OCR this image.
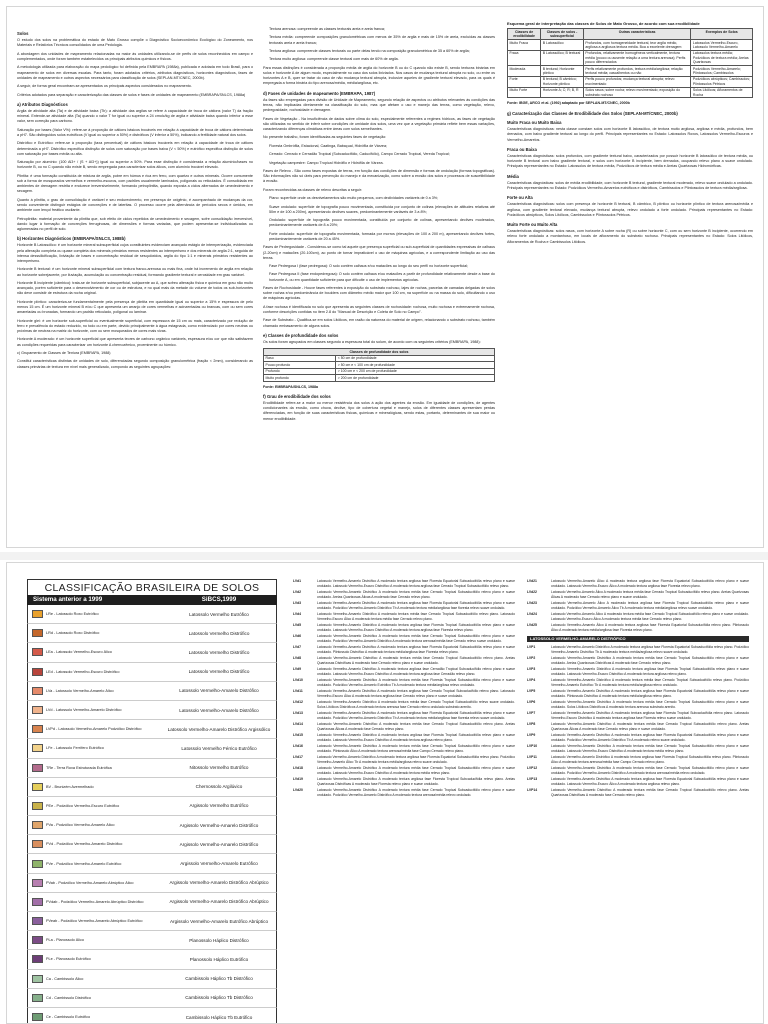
Solos

O estudo dos solos na problemática do estado de Mato Grosso compõe o Diagnóstico Socioeconômico Ecológico do Zoneamento, nos Materiais e Relatórios Técnicos consolidados de uma Pedologia.

A abordagem dos unidades de mapeamento relacionadas na maior às unidades utilizando-se de perfis de solos reconhecidos em campo e complementados, onde foram também estabelecidos os principais atributos químicos e físicos.

A metodologia utilizada para elaboração do mapa pedológico foi definida pela EMBRAPA (1988a), publicada e adotada em todo Brasil, para o mapeamento de solos em diversas escalas. Para tanto, foram adotados critérios, atributos diagnósticos, horizontes diagnósticos, fases de unidades de mapeamento e outros aspectos necessários para classificação de solos (SEPLAN-MT/CNEC, 2000b).

A seguir, de forma geral encontram-se apresentados os principais aspectos considerados no mapeamento.

Critérios adotados para separação e caracterização das classes de solos e fases de unidades de mapeamento (EMBRAPA/SNLCS, 1988a)

a) Atributos Diagnósticos

Argila de atividade alta (Ta) e de atividade baixa (Tb): a atividade das argilas se refere à capacidade de troca de cátions (valor T) da fração mineral. Entende-se atividade alta (Ta) quando o valor T for igual ou superior a 24 cmolc/kg de argila e atividade baixa quando inferior a esse valor, sem correção para carbono.

Saturação por bases (Valor V%): refere-se à proporção de cátions básicos trocáveis em relação à capacidade de troca de cátions determinada a pH7. São distinguidos solos eutróficos (V igual ou superior a 50%) e distróficos (V inferior a 50%), indicando a fertilidade natural dos solos.

Distrófico e Eutrófico: refere-se à proporção (taxa percentual) de cátions básicos trocáveis em relação à capacidade de troca de cátions determinada a pH7. Distrófico especifica distinção de solos com saturação por bases baixa (V < 50%) e eutrófico especifica distinção de solos com saturação por bases média ou alta.

Saturação por alumínio: (100 Al3+ / (S + Al3+)) igual ou superior a 50%. Para esse distinção é considerada a relação alumínio/bases no horizonte B, ou no C quando não existe B, sendo empregada para caracterizar solos álicos, com alumínio trocável elevado.

Plintita: é uma formação constituída de mistura de argila, pobre em húmus e rica em ferro, com quartzo e outros minerais. Ocorre comumente sob a forma de mosqueados vermelhos e vermelho-escuros, com padrões usualmente laminados, poligonais ou reticulados. É consolidada em ambientes de drenagem restrita e endurece irreversivelmente, formando petroplintita, quando exposta a ciclos alternados de umedecimento e secagem.

Quanto à plintita, o grau de consolidação é variável e seu endurecimento, em presença de oxigênio, é acompanhado de mudanças da cor, sendo conveniente distinguir estágios de concreções e de lateritas. O processo ocorre pela alternância de períodos secos e úmidos, em ambiente com lençol freático oscilante.

Petroplintita: material proveniente da plintita que, sob efeito de ciclos repetidos de umedecimento e secagem, sofre consolidação irreversível, dando lugar à formação de concreções ferruginosas, de dimensões e formas variadas, que podem apresentar-se individualizadas ou aglomeradas no perfil de solo.

b) Horizontes Diagnósticos (EMBRAPA/SNLCS, 1988b)

Horizonte B Latossólico: é um horizonte mineral subsuperficial cujos constituintes evidenciam avançado estágio de intemperização, evidenciada pela alteração completa ou quase completa dos minerais primários menos resistentes ao intemperismo e dos minerais de argila 2:1, seguida de intensa desssilicificação, lixiviação de bases e concentração residual de sesquióxidos, argila do tipo 1:1 e minerais primários resistentes ao intemperismo.

Horizonte B textural: é um horizonte mineral subsuperficial com textura franco-arenosa ou mais fina, onde há incremento de argila em relação ao horizonte sobrejacente, por iluviação, acumulação ou concentração residual, formando gradiente textural e cerosidade em grau variável.

Horizonte B incipiente (câmbico): trata-se de horizonte subsuperficial, subjacente ao A, que sofreu alteração física e química em grau não muito avançado, porém suficiente para o desenvolvimento de cor ou de estrutura, e no qual mais da metade do volume de todos os sub-horizontes não deve consistir de estrutura da rocha original.

Horizonte plíntico: caracteriza-se fundamentalmente pela presença de plintita em quantidade igual ou superior a 15% e espessura de pelo menos 15 cm. É um horizonte mineral B e/ou C que apresenta um arranjo de cores vermelhas e acinzentadas ou brancas, com ou sem cores amareladas ou brunadas, formando um padrão reticulado, poligonal ou laminar.

Horizonte glei: é um horizonte sub-superficial ou eventualmente superficial, com espessura de 15 cm ou mais, caracterizado por redução de ferro e prevalência do estado reduzido, no todo ou em parte, devido principalmente à água estagnada, como evidenciado por cores neutras ou próximas de neutras na matriz do horizonte, com ou sem mosqueados de cores mais vivas.

Horizonte A moderado: é um horizonte superficial que apresenta teores de carbono orgânico variáveis, espessura e/ou cor que não satisfazem as condições requeridas para caracterizar um horizonte A chernozêmico, proeminente ou húmico.

c) Grupamento de Classes de Textura (EMBRAPA, 1988)

Constitui características distintas de unidades de solo, diferenciadas segundo composição granulométrica (fração < 2mm), considerando as classes primárias de textura em nível mais generalizado, compondo as seguintes agrupações:

Textura arenosa: compreende as classes texturais areia e areia franca;

Textura média: compreende composições granulométricas com menos de 35% de argila e mais de 15% de areia, excluídas as classes texturais areia e areia franca;

Textura argilosa: compreende classes texturais ou parte delas tendo na composição granulométrica de 35 a 60% de argila;

Textura muito argilosa: compreende classe textural com mais de 60% de argila.

Para essas distinções é considerada a proporção média de argila do horizonte B ou do C quando não existe B, sendo texturas binárias em solos e horizonte A de algum modo, especialmente no caso dos solos lixiviados. Nos casos de mudança textural abrupta no solo, ou entre os horizontes A e B, quer se tratar do caso de não mudança textural abrupta, inclusive aqueles de gradiente textural elevado, para os quais é empregada a forma binária do tipo arenosa/média, média/argilosa, etc.

d) Fases de unidades de mapeamento (EMBRAPA, 1987)

As fases são empregadas para divisão de Unidade de Mapeamento, segundo relação de aspectos ou atributos relevantes às condições das terras, não implicadas diretamente na classificação do solo, mas que afetam o uso e manejo das terras, como vegetação, relevo, pedregosidade, rochosidade e drenagem.

Fases de Vegetação - Na insuficiência de dados sobre clima do solo, especialmente referentes a regimes hídricos, as fases de vegetação são utilizadas no sentido de inferir sobre condições de umidade dos solos, uma vez que a vegetação primária reflete bem essas variações, caracterizando diferenças climáticas entre áreas com solos semelhantes.

No presente trabalho, foram identificadas as seguintes fases de vegetação:

Floresta Ombrófila, Estacional, Caatinga, Babaçual, Hidrófila de Várzea;

Cerrado: Cerrado e Cerradão Tropical (Subcaducifólio, Caducifólio), Campo Cerrado Tropical, Vereda Tropical;

Vegetação campestre: Campo Tropical Hidrófilo e Hidrófila de Várzea.

Fases de Relevo - São como fases expostas de terras, em função das condições de dimensão e formas de ondulação (formas topográficas). São informações não só úteis para prevenção do manejo e da mecanização, como sobre a erosão dos solos e processos de suscetibilidade à erosão.

Foram reconhecidas as classes de relevo descritas a seguir:

Plano: superfície onde os desnivelamentos são muito pequenos, com declividades variáveis de 0 a 3%;

Suave ondulado: superfície de topografia pouco movimentada, constituída por conjunto de colinas (elevações de altitudes relativas até 50m e de 100 a 200m), apresentando declives suaves, predominantemente variáveis de 3 a 8%;

Ondulado: superfície de topografia pouco movimentada, constituída por conjunto de colinas, apresentando declives moderados, predominantemente variáveis de 8 a 20%;

Forte ondulado: superfície de topografia movimentada, formada por morros (elevações de 100 a 200 m), apresentando declives fortes, predominantemente variáveis de 20 a 45%.

Fases de Pedregosidade - Considerou-se como tal aquele que presença superficial ou sub-superficial de quantidades expressivas de calhaus (2-20cm) e matacões (20-100cm), ao ponto de tornar impraticável o uso de máquinas agrícolas, e a correspondente limitação ao uso das terras.

Fase Pedregosa I (fase pedregosa): O solo contém calhaus e/ou matacões ao longo do seu perfil no horizonte superficial;

Fase Pedregosa II (fase endopedregosa): O solo contém calhaus e/ou matacões a partir de profundidade relativamente desde a base do horizonte A, ou em quantidade suficiente para que dificulte o uso de implementos agrícolas.

Fases de Rochosidade - Houve fases referentes à exposição do substrato rochoso, lajes de rochas, parcelas de camadas delgadas de solos sobre rochas e/ou predominância de boulders com diâmetro médio maior que 100 cm, na superfície ou na massa do solo, dificultando o uso de máquinas agrícolas.

A fase rochosa é identificada no solo que apresenta as seguintes classes de rochosidade: rochosa, muito rochosa e extremamente rochosa, conforme descrições contidas no item 2.8 do "Manual de Descrição e Coleta de Solo no Campo".

Fase de Substrato - Qualifica-se em solos Litólicos, em razão da natureza do material de origem, relacionando o substrato rochoso, também chamado embasamento de alguns solos.

e) Classes de profundidade dos solos

Os solos foram agrupados em classes segundo a espessura total do solum, de acordo com os seguintes critérios (EMBRAPA, 1988):

Classes de profundidade dos solos	
Raso	< 50 cm de profundidade
Pouco profundo	> 50 cm e < 100 cm de profundidade
Profundo	> 100 cm e < 200 cm de profundidade
Muito profundo	> 200 cm de profundidade
Fonte: EMBRAPA/SNLCS, 1988a
f) Grau de erodibilidade dos solos

Erodibilidade refere-se a maior ou menor resistência dos solos à ação dos agentes da erosão. Em igualdade de condições, de agentes condicionantes da erosão, como chuva, declive, tipo de cobertura vegetal e manejo, solos de diferentes classes apresentam perdas diferenciadas, em função de suas características físicas, químicas e mineralógicas, sendo estas, portanto, determinantes de sua maior ou menor erodibilidade.

Esquema geral de interpretação das classes de Solos de Mato Grosso, de acordo com sua erodibilidade
Classes de erodibilidade	Classes de solos - subsuperficial	Outras características	Exemplos de Solos
Muito Fraca	B Latossólico	Profundos, com homogeneidade textural, teor argila médio, argilosa a argilosos textura média. Boa a excelente drenagem	Latossolos Vermelho-Escuro, Latossolo Vermelho-Amarelo
Fraca	B Latossólico; B textural	Profundos, relativamente homogêneos verticalmente, textura média (pouco ou ausente relação a uma textura arenosa); Perfis pouco diferenciados	Latossolos textura média; Podzólicos de textura média; Areias Quartzosas
Moderada	B textural; Horizonte plíntico	Perfis relativamente profundos, textura média/argilosa; relação textural média; cascalhentos ou não	Podzólicos Vermelho-Amarelo; Plintossolos; Cambissolos
Forte	B textural; B câmbico; Horizonte plíntico	Perfis pouco profundos; mudança textural abrupta; relevo movimentado	Podzólicos abrúpticos; Cambissolos; Plintossolos Pétricos
Muito Forte	Horizonte A; C; R; B, R	Solos rasos; sobre rocha; relevo movimentado; exposição do substrato rochoso	Solos Litólicos; Afloramentos de Rocha
Fonte: IBGE, ARCO et al. (1992) adaptado por SEPLAN-MT/CNEC, 2000b
g) Caracterização das Classes de Erodibilidade dos Solos (SEPLAN-MT/CNEC, 2000b)
Muito Fraca ou Muito Baixa

Características diagnósticas: nesta classe constam solos com horizonte B latossólico, de textura muito argilosa, argilosa e média, profundos, bem drenados, com baixo gradiente textural ao longo do perfil. Principais representantes no Estado: Latossolos Roxos, Latossolos Vermelho-Escuros e Vermelho-Amarelos.

Fraca ou Baixa

Características diagnósticas: solos profundos, com gradiente textural baixo, caracterizados por possuir horizonte B latossólico de textura média, ou horizonte B textural com baixo gradiente textural, e solos com horizonte B incipiente, bem drenados, ocupando relevo plano a suave ondulado. Principais representantes no Estado: Latossolos de textura média, Podzólicos de textura média e Areias Quartzosas Hidromórficas.

Média

Características diagnósticas: solos de média erodibilidade, com horizonte B textural, gradiente textural moderado, relevo suave ondulado a ondulado. Principais representantes no Estado: Podzólicos Vermelho-Amarelos eutróficos e distróficos, Cambissolos e Plintossolos de textura média/argilosa.

Forte ou Alta

Características diagnósticas: solos com presença de horizonte B textural, B câmbico, B plíntico ou horizonte plíntico de textura arenosa/média e argilosa, com gradiente textural elevado, mudança textural abrupta, relevo ondulado a forte ondulado. Principais representantes no Estado: Podzólicos abrúpticos, Solos Litólicos, Cambissolos e Plintossolos Pétricos.

Muito Forte ou Muito Alta

Características diagnósticas: solos rasos, com horizonte A sobre rocha (R) ou sobre horizonte C, com ou sem horizonte B incipiente, ocorrendo em relevo forte ondulado a montanhoso, em locais de afloramento do substrato rochoso. Principais representantes no Estado: Solos Litólicos, Afloramentos de Rocha e Cambissolos Litólicos.

CLASSIFICAÇÃO BRASILEIRA DE SOLOS
Sistema anterior a 1999	SiBCS,1999
LRe - Latossolo Roxo Eutrófico	Latossolo Vermelho Eutrófico
LRd - Latossolo Roxo Distrófico	Latossolo Vermelho Distrófico
LEa - Latossolo Vermelho-Escuro Álico	Latossolo Vermelho Distrófico
LEd - Latossolo Vermelho-Escuro Distrófico	Latossolo Vermelho Distrófico
LVa - Latossolo Vermelho-Amarelo Álico	Latossolo Vermelho-Amarelo Distrófico
LVd - Latossolo Vermelho-Amarelo Distrófico	Latossolo Vermelho-Amarelo Distrófico
LVPd - Latossolo Vermelho-Amarelo Podzólico Distrófico	Latossolo Vermelho-Amarelo Distrófico Argissólico
LFe - Latossolo Ferrífero Eutrófico	Latossolo Vermelho Férrico Eutrófico
TRe - Terra Roxa Estruturada Eutrófica	Nitossolo Vermelho Eutrófico
BV - Brunizém Avermelhado	Chernossolo Argilúvico
PEe - Podzólico Vermelho-Escuro Eutrófico	Argissolo Vermelho Eutrófico
PVa - Podzólico Vermelho-Amarelo Álico	Argissolo Vermelho-Amarelo Distrófico
PVd - Podzólico Vermelho-Amarelo Distrófico	Argissolo Vermelho-Amarelo Distrófico
PVe - Podzólico Vermelho-Amarelo Eutrófico	Argissolo Vermelho-Amarelo Eutrófico
PVab - Podzólico Vermelho-Amarelo Abrúptico Álico	Argissolo Vermelho-Amarelo Distrófico Abrúptico
PVdab - Podzólico Vermelho-Amarelo Abrúptico Distrófico	Argissolo Vermelho-Amarelo Distrófico Abrúptico
PVeab - Podzólico Vermelho-Amarelo Abrúptico Eutrófico	Argissolo Vermelho-Amarelo Eutrófico Abrúptico
PLa - Planossolo Álico	Planossolo Háplico Distrófico
PLe - Planossolo Eutrófico	Planossolo Háplico Eutrófico
Ca - Cambissolo Álico	Cambissolo Háplico Tb Distrófico
Cd - Cambissolo Distrófico	Cambissolo Háplico Tb Distrófico
Ce - Cambissolo Eutrófico	Cambissolo Háplico Tb Eutrófico
LVd1	Latossolo Vermelho-Amarelo Distrófico A moderado textura argilosa fase Floresta Equatorial Subcaducifólia relevo plano e suave ondulado. Latossolo Vermelho-Escuro Distrófico A moderado textura argilosa fase Cerrado Tropical Subcaducifólio relevo plano.
LVd2	Latossolo Vermelho-Amarelo Distrófico A moderado textura média fase Cerrado Tropical Subcaducifólio relevo plano e suave ondulado. Areias Quartzosas Álicas A moderado fase Cerrado relevo plano.
LVd3	Latossolo Vermelho-Amarelo Distrófico A moderado textura argilosa fase Floresta Equatorial Subcaducifólia relevo plano e suave ondulado. Podzólico Vermelho-Amarelo Distrófico Tb A moderado textura média/argilosa fase floresta relevo suave ondulado.
LVd4	Latossolo Vermelho-Amarelo Distrófico A moderado textura média fase Cerrado Tropical Subcaducifólio relevo plano. Latossolo Vermelho-Escuro Álico A moderado textura média fase Cerrado relevo plano.
LVd5	Latossolo Vermelho-Amarelo Distrófico A moderado textura argilosa fase Floresta Tropical Subcaducifólia relevo plano e suave ondulado. Latossolo Vermelho-Escuro Distrófico A moderado textura argilosa fase Floresta relevo plano.
LVd6	Latossolo Vermelho-Amarelo Distrófico A moderado textura média fase Cerrado Tropical Subcaducifólio relevo plano e suave ondulado. Podzólico Vermelho-Amarelo Distrófico A moderado textura arenosa/média fase Cerrado relevo suave ondulado.
LVd7	Latossolo Vermelho-Amarelo Distrófico A moderado textura argilosa fase Floresta Equatorial Subcaducifólia relevo plano e suave ondulado. Plintossolo Distrófico A moderado textura média/argilosa fase Floresta relevo plano.
LVd8	Latossolo Vermelho-Amarelo Distrófico A moderado textura média fase Cerrado Tropical Subcaducifólio relevo plano. Areias Quartzosas Distróficas A moderado fase Cerrado relevo plano e suave ondulado.
LVd9	Latossolo Vermelho-Amarelo Distrófico A moderado textura argilosa fase Cerradão Tropical Subcaducifólio relevo plano e suave ondulado. Latossolo Vermelho-Escuro Distrófico A moderado textura argilosa fase Cerradão relevo plano.
LVd10	Latossolo Vermelho-Amarelo Distrófico A moderado textura média fase Floresta Tropical Subcaducifólia relevo plano e suave ondulado. Podzólico Vermelho-Amarelo Eutrófico Tb A moderado textura média/argilosa relevo ondulado.
LVd11	Latossolo Vermelho-Amarelo Distrófico A moderado textura argilosa fase Cerrado Tropical Subcaducifólio relevo plano. Latossolo Vermelho-Escuro Álico A moderado textura argilosa fase Cerrado relevo plano e suave ondulado.
LVd12	Latossolo Vermelho-Amarelo Distrófico A moderado textura média fase Cerrado Tropical Subcaducifólio relevo suave ondulado. Solos Litólicos Distróficos A moderado textura arenosa fase Cerrado relevo ondulado substrato arenito.
LVd13	Latossolo Vermelho-Amarelo Distrófico A moderado textura argilosa fase Floresta Equatorial Subcaducifólia relevo plano e suave ondulado. Podzólico Vermelho-Amarelo Distrófico Tb A moderado textura média/argilosa fase floresta relevo suave ondulado.
LVd14	Latossolo Vermelho-Amarelo Distrófico A moderado textura média fase Cerrado Tropical Subcaducifólio relevo plano. Areias Quartzosas Álicas A moderado fase Cerrado relevo plano.
LVd15	Latossolo Vermelho-Amarelo Distrófico A moderado textura argilosa fase Floresta Tropical Subcaducifólia relevo plano e suave ondulado. Latossolo Vermelho-Escuro Distrófico A moderado textura argilosa relevo plano.
LVd16	Latossolo Vermelho-Amarelo Distrófico A moderado textura média fase Cerrado Tropical Subcaducifólio relevo plano e suave ondulado. Plintossolo Álico A moderado textura arenosa/média fase Campo Cerrado relevo plano.
LVd17	Latossolo Vermelho-Amarelo Distrófico A moderado textura argilosa fase Floresta Equatorial Subcaducifólia relevo plano. Podzólico Vermelho-Amarelo Álico Tb A moderado textura média/argilosa relevo suave ondulado.
LVd18	Latossolo Vermelho-Amarelo Distrófico A moderado textura média fase Cerrado Tropical Subcaducifólio relevo plano e suave ondulado. Latossolo Vermelho-Escuro Distrófico A moderado textura média relevo plano.
LVd19	Latossolo Vermelho-Amarelo Distrófico A moderado textura argilosa fase Floresta Tropical Subcaducifólia relevo plano. Areias Quartzosas Distróficas A moderado fase Floresta relevo plano e suave ondulado.
LVd20	Latossolo Vermelho-Amarelo Distrófico A moderado textura média fase Cerrado Tropical Subcaducifólio relevo plano e suave ondulado. Podzólico Vermelho-Amarelo Distrófico A moderado textura arenosa/média relevo ondulado.
LVd21	Latossolo Vermelho-Amarelo Álico A moderado textura argilosa fase Floresta Equatorial Subcaducifólia relevo plano e suave ondulado. Latossolo Vermelho-Escuro Álico A moderado textura argilosa fase Floresta relevo plano.
LVd22	Latossolo Vermelho-Amarelo Álico A moderado textura média fase Cerrado Tropical Subcaducifólio relevo plano. Areias Quartzosas Álicas A moderado fase Cerrado relevo plano e suave ondulado.
LVd23	Latossolo Vermelho-Amarelo Álico A moderado textura argilosa fase Floresta Tropical Subcaducifólia relevo plano e suave ondulado. Podzólico Vermelho-Amarelo Álico Tb A moderado textura média/argilosa relevo suave ondulado.
LVd24	Latossolo Vermelho-Amarelo Álico A moderado textura média fase Cerrado Tropical Subcaducifólio relevo plano e suave ondulado. Latossolo Vermelho-Escuro Álico A moderado textura média fase Cerrado relevo plano.
LVd25	Latossolo Vermelho-Amarelo Álico A moderado textura argilosa fase Floresta Equatorial Subcaducifólia relevo plano. Plintossolo Álico A moderado textura média/argilosa fase Floresta relevo plano.
LATOSSOLO VERMELHO-AMARELO DISTRÓFICO
LVP1	Latossolo Vermelho-Amarelo Distrófico A moderado textura argilosa fase Floresta Equatorial Subcaducifólia relevo plano. Podzólico Vermelho-Amarelo Distrófico Tb A moderado textura média/argilosa relevo suave ondulado.
LVP2	Latossolo Vermelho-Amarelo Distrófico A moderado textura média fase Cerrado Tropical Subcaducifólio relevo plano e suave ondulado. Areias Quartzosas Distróficas A moderado fase Cerrado relevo plano.
LVP3	Latossolo Vermelho-Amarelo Distrófico A moderado textura argilosa fase Floresta Tropical Subcaducifólia relevo plano e suave ondulado. Latossolo Vermelho-Escuro Distrófico A moderado textura argilosa relevo plano.
LVP4	Latossolo Vermelho-Amarelo Distrófico A moderado textura média fase Cerrado Tropical Subcaducifólio relevo plano. Podzólico Vermelho-Amarelo Eutrófico Tb A moderado textura média/argilosa relevo ondulado.
LVP5	Latossolo Vermelho-Amarelo Distrófico A moderado textura argilosa fase Floresta Equatorial Subcaducifólia relevo plano e suave ondulado. Plintossolo Distrófico A moderado textura média/argilosa relevo plano.
LVP6	Latossolo Vermelho-Amarelo Distrófico A moderado textura média fase Cerrado Tropical Subcaducifólio relevo plano e suave ondulado. Solos Litólicos Distróficos A moderado textura arenosa substrato arenito.
LVP7	Latossolo Vermelho-Amarelo Distrófico A moderado textura argilosa fase Floresta Tropical Subcaducifólia relevo plano. Latossolo Vermelho-Escuro Distrófico A moderado textura argilosa fase Floresta relevo suave ondulado.
LVP8	Latossolo Vermelho-Amarelo Distrófico A moderado textura média fase Cerrado Tropical Subcaducifólio relevo plano. Areias Quartzosas Álicas A moderado fase Cerrado relevo plano e suave ondulado.
LVP9	Latossolo Vermelho-Amarelo Distrófico A moderado textura argilosa fase Floresta Equatorial Subcaducifólia relevo plano e suave ondulado. Podzólico Vermelho-Amarelo Distrófico Tb A moderado relevo suave ondulado.
LVP10	Latossolo Vermelho-Amarelo Distrófico A moderado textura média fase Cerrado Tropical Subcaducifólio relevo plano e suave ondulado. Latossolo Vermelho-Escuro Distrófico A moderado textura média relevo plano.
LVP11	Latossolo Vermelho-Amarelo Distrófico A moderado textura argilosa fase Floresta Tropical Subcaducifólia relevo plano. Plintossolo Álico A moderado textura arenosa/média fase Campo Cerrado relevo plano.
LVP12	Latossolo Vermelho-Amarelo Distrófico A moderado textura média fase Cerrado Tropical Subcaducifólio relevo plano e suave ondulado. Podzólico Vermelho-Amarelo Distrófico A moderado textura arenosa/média relevo ondulado.
LVP13	Latossolo Vermelho-Amarelo Distrófico A moderado textura argilosa fase Floresta Equatorial Subcaducifólia relevo plano e suave ondulado. Latossolo Vermelho-Escuro Álico A moderado textura argilosa relevo plano.
LVP14	Latossolo Vermelho-Amarelo Distrófico A moderado textura média fase Cerrado Tropical Subcaducifólio relevo plano. Areias Quartzosas Distróficas A moderado fase Cerrado relevo plano.
